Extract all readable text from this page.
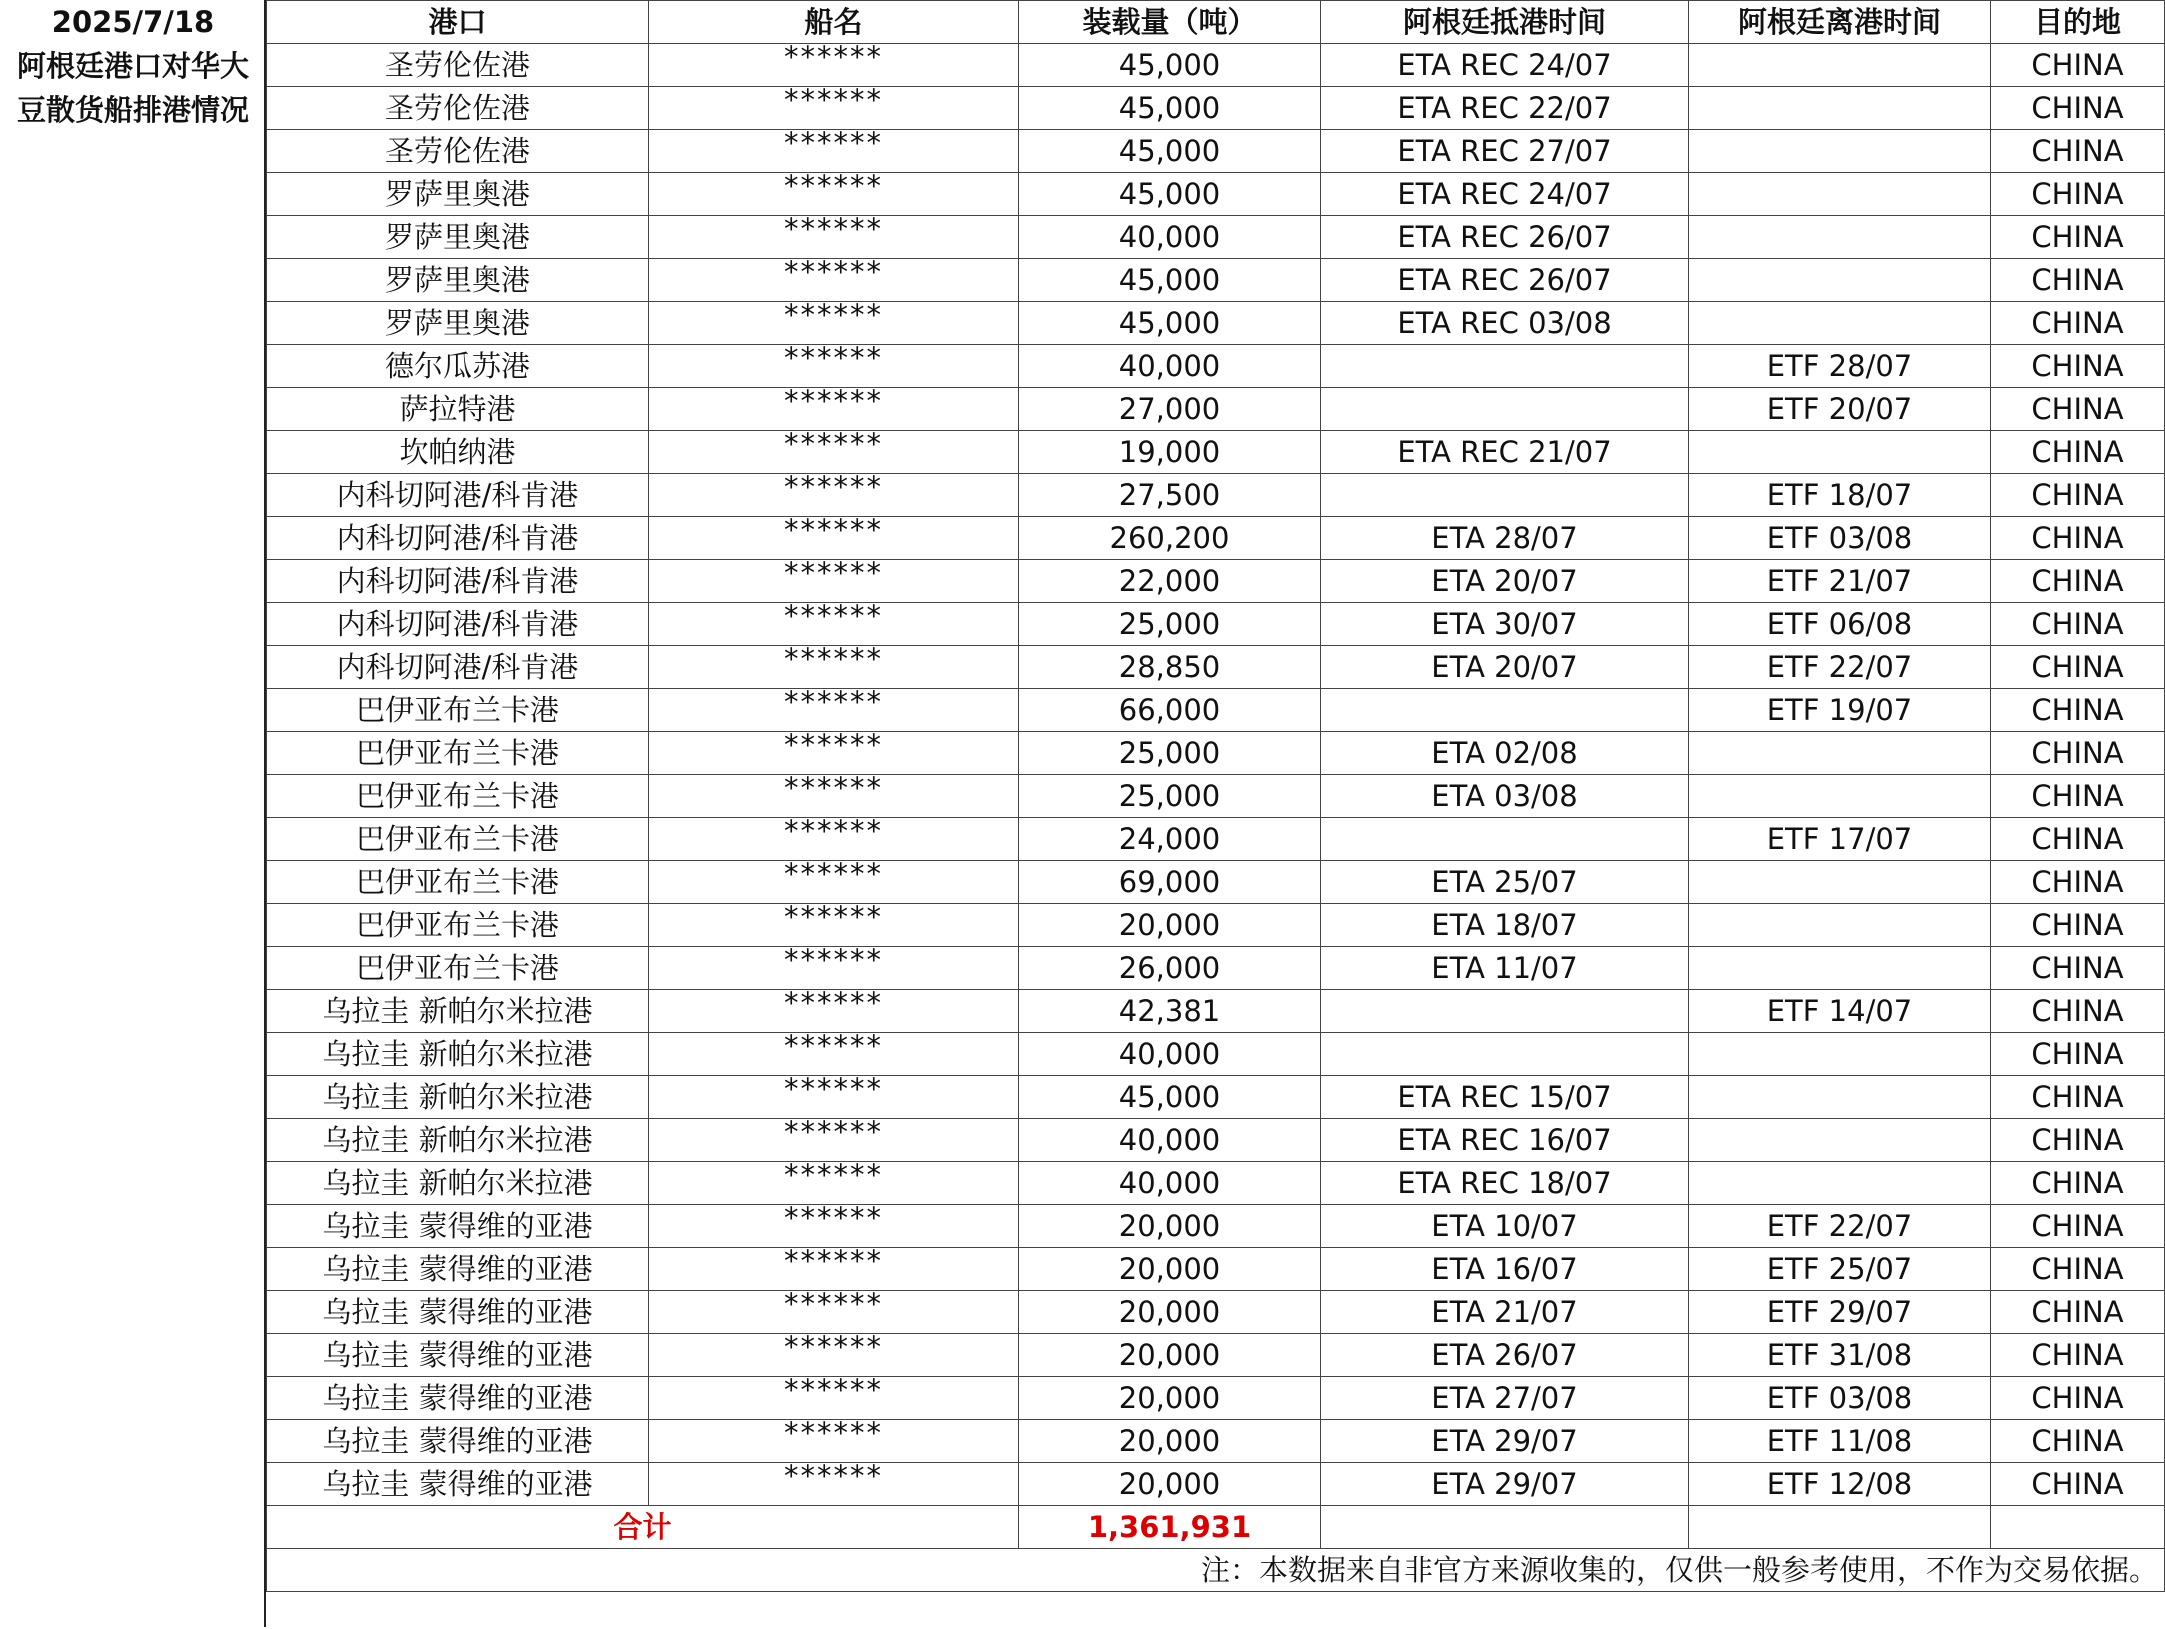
2025/7/18
阿根廷港口对华大
豆散货船排港情况
港口	船名	装载量（吨）	阿根廷抵港时间	阿根廷离港时间	目的地
圣劳伦佐港	******	45,000	ETA REC 24/07		CHINA
圣劳伦佐港	******	45,000	ETA REC 22/07		CHINA
圣劳伦佐港	******	45,000	ETA REC 27/07		CHINA
罗萨里奥港	******	45,000	ETA REC 24/07		CHINA
罗萨里奥港	******	40,000	ETA REC 26/07		CHINA
罗萨里奥港	******	45,000	ETA REC 26/07		CHINA
罗萨里奥港	******	45,000	ETA REC 03/08		CHINA
德尔瓜苏港	******	40,000		ETF 28/07	CHINA
萨拉特港	******	27,000		ETF 20/07	CHINA
坎帕纳港	******	19,000	ETA REC 21/07		CHINA
内科切阿港/科肯港	******	27,500		ETF 18/07	CHINA
内科切阿港/科肯港	******	260,200	ETA 28/07	ETF 03/08	CHINA
内科切阿港/科肯港	******	22,000	ETA 20/07	ETF 21/07	CHINA
内科切阿港/科肯港	******	25,000	ETA 30/07	ETF 06/08	CHINA
内科切阿港/科肯港	******	28,850	ETA 20/07	ETF 22/07	CHINA
巴伊亚布兰卡港	******	66,000		ETF 19/07	CHINA
巴伊亚布兰卡港	******	25,000	ETA 02/08		CHINA
巴伊亚布兰卡港	******	25,000	ETA 03/08		CHINA
巴伊亚布兰卡港	******	24,000		ETF 17/07	CHINA
巴伊亚布兰卡港	******	69,000	ETA 25/07		CHINA
巴伊亚布兰卡港	******	20,000	ETA 18/07		CHINA
巴伊亚布兰卡港	******	26,000	ETA 11/07		CHINA
乌拉圭 新帕尔米拉港	******	42,381		ETF 14/07	CHINA
乌拉圭 新帕尔米拉港	******	40,000			CHINA
乌拉圭 新帕尔米拉港	******	45,000	ETA REC 15/07		CHINA
乌拉圭 新帕尔米拉港	******	40,000	ETA REC 16/07		CHINA
乌拉圭 新帕尔米拉港	******	40,000	ETA REC 18/07		CHINA
乌拉圭 蒙得维的亚港	******	20,000	ETA 10/07	ETF 22/07	CHINA
乌拉圭 蒙得维的亚港	******	20,000	ETA 16/07	ETF 25/07	CHINA
乌拉圭 蒙得维的亚港	******	20,000	ETA 21/07	ETF 29/07	CHINA
乌拉圭 蒙得维的亚港	******	20,000	ETA 26/07	ETF 31/08	CHINA
乌拉圭 蒙得维的亚港	******	20,000	ETA 27/07	ETF 03/08	CHINA
乌拉圭 蒙得维的亚港	******	20,000	ETA 29/07	ETF 11/08	CHINA
乌拉圭 蒙得维的亚港	******	20,000	ETA 29/07	ETF 12/08	CHINA
合计		1,361,931			
注：本数据来自非官方来源收集的，仅供一般参考使用，不作为交易依据。					
